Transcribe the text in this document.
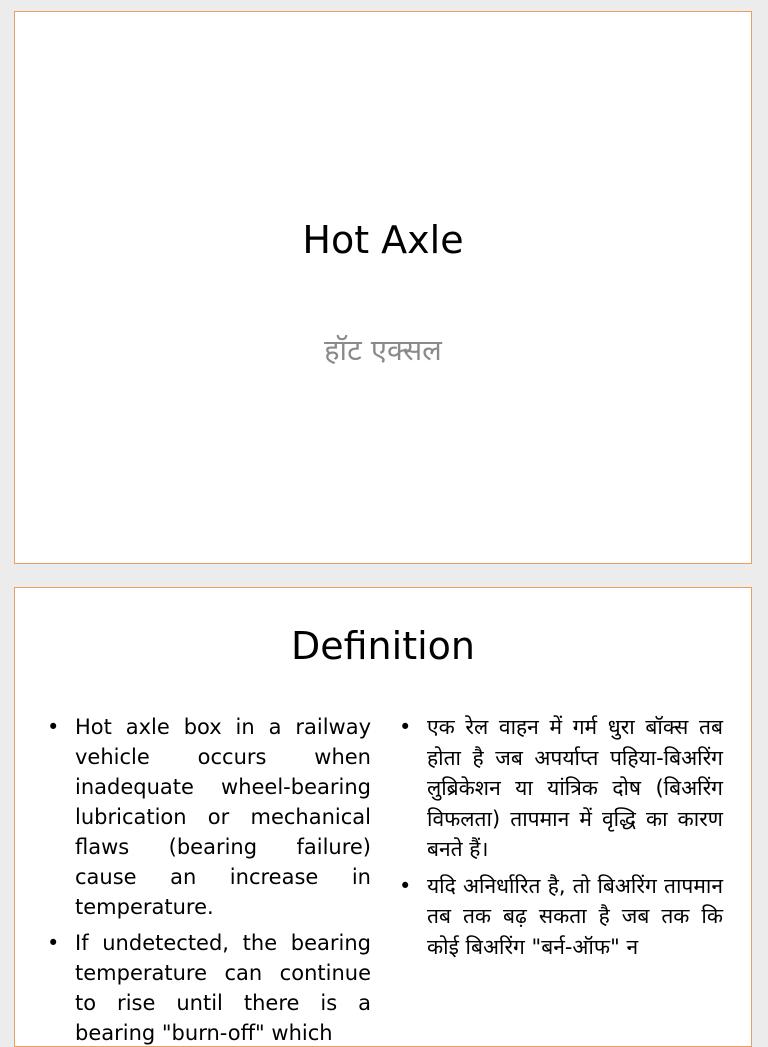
Hot Axle
हॉट एक्सल
Definition
• Hot axle box in a railway vehicle occurs when inadequate wheel-bearing lubrication or mechanical flaws (bearing failure) cause an increase in temperature.
• If undetected, the bearing temperature can continue to rise until there is a bearing "burn-off" which
• एक रेल वाहन में गर्म धुरा बॉक्स तब होता है जब अपर्याप्त पहिया-बिअरिंग लुब्रिकेशन या यांत्रिक दोष (बिअरिंग विफलता) तापमान में वृद्धि का कारण बनते हैं।
• यदि अनिर्धारित है, तो बिअरिंग तापमान तब तक बढ़ सकता है जब तक कि कोई बिअरिंग "बर्न-ऑफ" न
